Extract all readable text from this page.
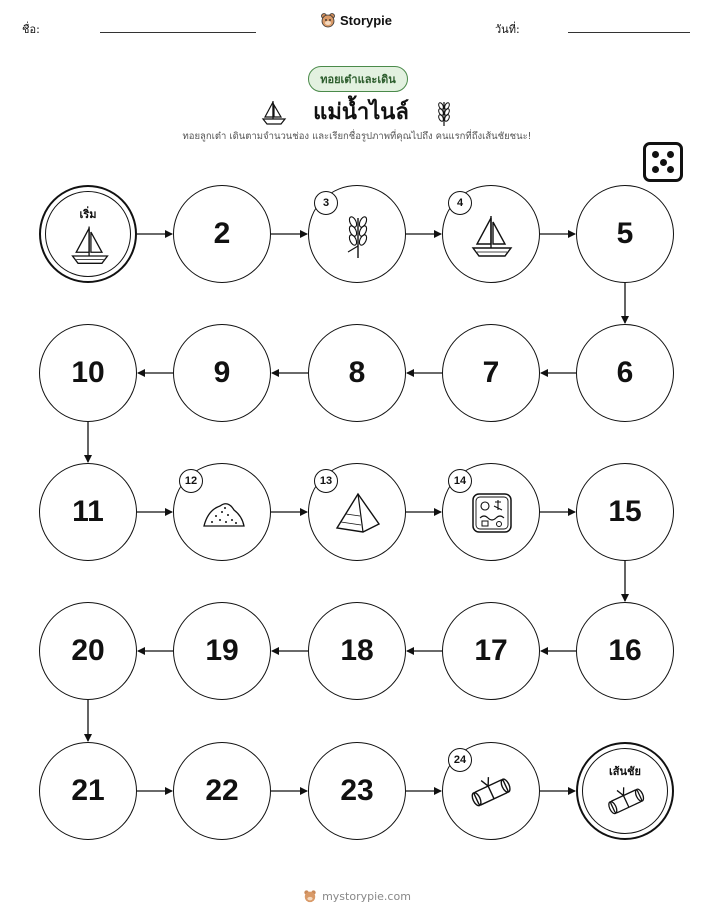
ชื่อ:
Storypie
วันที่:
ทอยเต๋าและเดิน
แม่น้ำไนล์
ทอยลูกเต๋า เดินตามจำนวนช่อง และเรียกชื่อรูปภาพที่คุณไปถึง คนแรกที่ถึงเส้นชัยชนะ!
เริ่ม
2
3	4
5
6
7
8
9
10
11
12	13	14
15
16
17
18
19
20
21	22	23
24
เส้นชัย
mystorypie.com
